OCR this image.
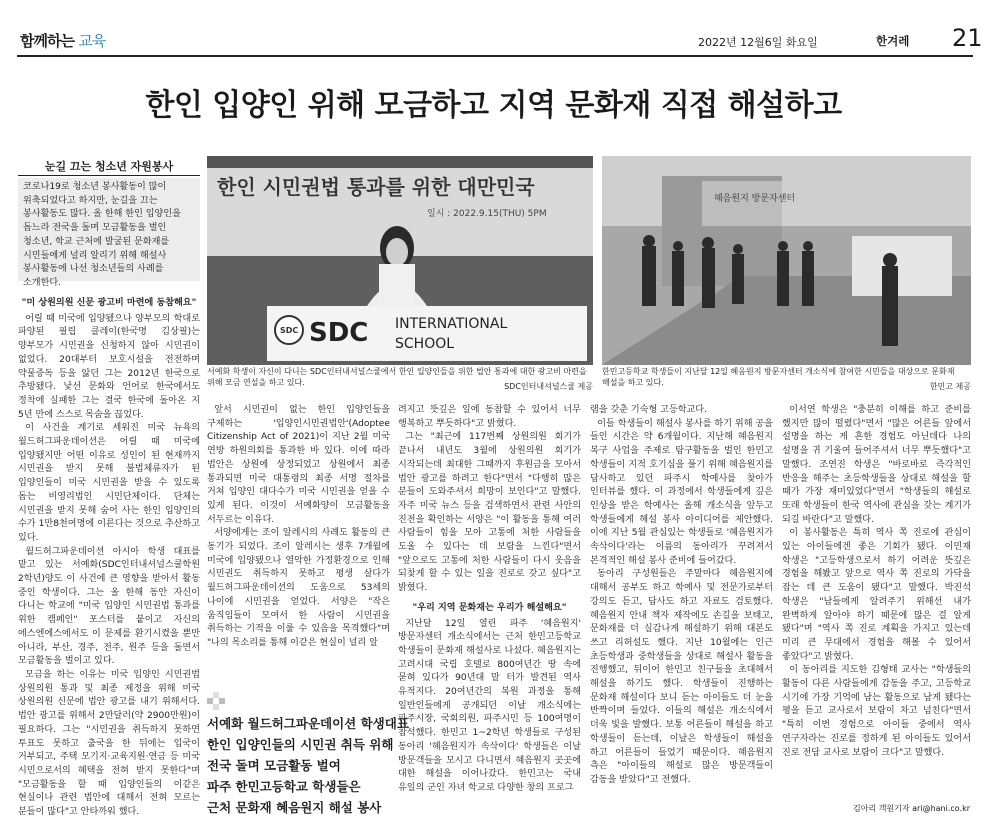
함께하는 교육	2022년 12월6일 화요일	한겨레 21
한인 입양인 위해 모금하고 지역 문화재 직접 해설하고
눈길 끄는 청소년 자원봉사
코로나19로 청소년 봉사활동이 많이 위축되었다고 하지만, 눈길을 끄는 봉사활동도 많다. 올 한해 한인 입양인을 돕느라 전국을 돌며 모금활동을 벌인 청소년, 학교 근처에 발굴된 문화재를 시민들에게 널리 알리기 위해 해설사 봉사활동에 나선 청소년들의 사례를 소개한다.

"미 상원의원 신문 광고비 마련에 동참해요"

어릴 때 미국에 입양됐으나 양부모의 학대로 파양된 필립 클레이(한국명 김상필)는 양부모가 시민권을 신청하지 않아 시민권이 없었다. 20대부터 보호시설을 전전하며 약물중독 등을 앓던 그는 2012년 한국으로 추방됐다. 낯선 문화와 언어로 한국에서도 정착에 실패한 그는 결국 한국에 돌아온 지 5년 만에 스스로 목숨을 끊었다.

이 사건을 계기로 세워진 미국 뉴욕의 월드허그파운데이션은 어릴 때 미국에 입양됐지만 어떤 이유로 성인이 된 현재까지 시민권을 받지 못해 불법체류자가 된 입양인들이 미국 시민권을 받을 수 있도록 돕는 비영리법인 시민단체이다. 단체는 시민권을 받지 못해 숨어 사는 한인 입양인의 수가 1만8천여명에 이른다는 것으로 추산하고 있다.

월드허그파운데이션 아시아 학생 대표를 맡고 있는 서예화(SDC인터내셔널스쿨학원 2학년)양도 이 사건에 큰 영향을 받아서 활동 중인 학생이다. 그는 올 한해 동안 자신이 다니는 학교에 "미국 입양인 시민권법 통과를 위한 캠페인" 포스터를 붙이고 자신의 에스엔에스에서도 이 문제를 환기시켰을 뿐만 아니라, 부산, 경주, 전주, 원주 등을 돌면서 모금활동을 벌이고 있다.

모금을 하는 이유는 미국 입양인 시민권법 상원의원 통과 및 최종 제정을 위해 미국 상원의원 신문에 법안 광고를 내기 위해서다. 법안 광고를 위해서 2만달러(약 2900만원)이 필요하다. 그는 "시민권을 취득하지 못하면 투표도 못하고 출국을 한 뒤에는 입국이 거부되고, 주택 모기지·교육지원·연금 등 미국 시민으로서의 혜택을 전혀 받지 못한다"며 "모금활동을 할 때 입양인들의 이같은 현실이나 관련 법안에 대해서 전혀 모르는 분들이 많다"고 안타까워 했다.

한인 시민권법 통과를 위한 대만민국
일시 : 2022.9.15(THU) 5PM
SDC SDC INTERNATIONAL
SCHOOL
서예화 학생이 자신이 다니는 SDC인터내셔널스쿨에서 한인 입양인들을 위한 법안 통과에 대한 광고비 마련을 위해 모금 연설을 하고 있다.	SDC인터내셔널스쿨 제공
혜음원지 방문자센터
한민고등학교 학생들이 지난달 12일 혜음원지 방문자센터 개소식에 참여한 시민들을 대상으로 문화재 해설을 하고 있다.	한민고 제공

앞서 시민권이 없는 한인 입양인들을 구제하는 '입양인시민권법안'(Adoptee Citizenship Act of 2021)이 지난 2월 미국 연방 하원의회를 통과한 바 있다. 이에 따라 법안은 상원에 상정되었고 상원에서 최종 통과되면 미국 대통령의 최종 서명 절차를 거쳐 입양인 대다수가 미국 시민권을 얻을 수 있게 된다. 이것이 서예화양이 모금활동을 서두르는 이유다.

서양에게는 조이 알레시의 사례도 활동의 큰 동기가 되었다. 조이 알레시는 생후 7개월에 미국에 입양됐으나 열악한 가정환경으로 인해 시민권도 취득하지 못하고 평생 살다가 월드허그파운데이션의 도움으로 53세의 나이에 시민권을 얻었다. 서양은 "작은 움직임들이 모여서 한 사람이 시민권을 취득하는 기적을 이룰 수 있음을 목격했다"며 "나의 목소리를 통해 이같은 현실이 널리 알

려지고 뜻깊은 일에 동참할 수 있어서 너무 행복하고 뿌듯하다"고 밝혔다.

그는 "최근에 117번째 상원의원 회기가 끝나서 내년도 3월에 상원의원 회기가 시작되는데 최대한 그때까지 후원금을 모아서 법안 광고를 하려고 한다"면서 "다행히 많은 분들이 도와주셔서 희망이 보인다"고 말했다. 자주 미국 뉴스 등을 검색하면서 관련 사안의 진전을 확인하는 서양은 "이 활동을 통해 여러 사람들이 힘을 모아 고통에 처한 사람들을 도울 수 있다는 데 보람을 느낀다"면서 "앞으로도 고통에 처한 사람들이 다시 웃음을 되찾게 할 수 있는 일을 진로로 갖고 싶다"고 밝혔다.

"우리 지역 문화재는 우리가 해설해요"

지난달 12일 열린 파주 '혜음원지' 방문자센터 개소식에서는 근처 한민고등학교 학생들이 문화재 해설사로 나섰다. 혜음원지는 고려시대 국립 호텔로 800여년간 땅 속에 묻혀 있다가 90년대 말 터가 발견된 역사 유적지다. 20여년간의 복원 과정을 통해 일반인들에게 공개되던 이날 개소식에는 파주시장, 국회의원, 파주시민 등 100여명이 참석했다. 한민고 1~2학년 학생들로 구성된 동아리 '혜음원지가 속삭이다' 학생들은 이날 방문객들을 모시고 다니면서 혜음원지 곳곳에 대한 해설을 이어나갔다. 한민고는 국내 유일의 군인 자녀 학교로 다양한 창의 프로그

램을 갖춘 기숙형 고등학교다.

이들 학생들이 해설사 봉사를 하기 위해 공을 들인 시간은 약 6개월이다. 지난해 혜음원지 복구 사업을 주제로 탐구활동을 벌인 한민고 학생들이 지적 호기심을 풀기 위해 혜음원지를 답사하고 있던 파주시 학예사를 찾아가 인터뷰를 했다. 이 과정에서 학생들에게 깊은 인상을 받은 학예사는 올해 개소식을 앞두고 학생들에게 해설 봉사 아이디어를 제안했다. 이에 지난 5월 관심있는 학생들로 '혜음원지가 속삭이다'라는 이름의 동아리가 꾸려져서 본격적인 해설 봉사 준비에 들어갔다.

동아리 구성원들은 주말마다 혜음원지에 대해서 공부도 하고 학예사 및 전문가로부터 강의도 듣고, 답사도 하고 자료도 검토했다. 혜음원지 안내 책자 제작에도 손길을 보태고, 문화재를 더 실감나게 해설하기 위해 대본도 쓰고 리허설도 했다. 지난 10월에는 인근 초등학생과 중학생들을 상대로 해설사 활동을 진행했고, 뒤이어 한민고 친구들을 초대해서 해설을 하기도 했다. 학생들이 진행하는 문화재 해설이다 보니 듣는 아이들도 더 눈을 반짝이며 들었다. 이들의 해설은 개소식에서 더욱 빛을 발했다. 보통 어른들이 해설을 하고 학생들이 듣는데, 이날은 학생들이 해설을 하고 어른들이 들었기 때문이다. 혜음원지 측은 "아이들의 해설로 많은 방문객들이 감동을 받았다"고 전했다.

이서연 학생은 "충분히 이해를 하고 준비를 했지만 많이 떨렸다"면서 "많은 어른들 앞에서 설명을 하는 게 흔한 경험도 아닌데다 나의 설명을 귀 기울여 들어주셔서 너무 뿌듯했다"고 말했다. 조연진 학생은 "바로바로 즉각적인 반응을 해주는 초등학생들을 상대로 해설을 할 때가 가장 재미있었다"면서 "학생들의 해설로 또래 학생들이 한국 역사에 관심을 갖는 계기가 되길 바란다"고 말했다.

이 봉사활동은 특히 역사 쪽 진로에 관심이 있는 아이들에겐 좋은 기회가 됐다. 이민재 학생은 "고등학생으로서 하기 어려운 뜻깊은 경험을 해봤고 앞으로 역사 쪽 진로의 가닥을 잡는 데 큰 도움이 됐다"고 말했다. 박진석 학생은 "남들에게 알려주기 위해선 내가 완벽하게 알아야 하기 때문에 많은 걸 알게 됐다"며 "역사 쪽 진로 계획을 가지고 있는데 미리 큰 무대에서 경험을 해볼 수 있어서 좋았다"고 밝혔다.

이 동아리를 지도한 김형태 교사는 "학생들의 활동이 다른 사람들에게 감동을 주고, 고등학교 시기에 가장 기억에 남는 활동으로 남게 됐다는 평을 듣고 교사로서 보람이 차고 넘친다"면서 "특히 이번 경험으로 아이들 중에서 역사 연구자라는 진로를 정하게 된 아이들도 있어서 진로 전담 교사로 보람이 크다"고 말했다.

서예화 월드허그파운데이션 학생대표
한인 입양인들의 시민권 취득 위해
전국 돌며 모금활동 벌여
파주 한민고등학교 학생들은
근처 문화재 혜음원지 해설 봉사	김아리 객원기자 ari@hani.co.kr
